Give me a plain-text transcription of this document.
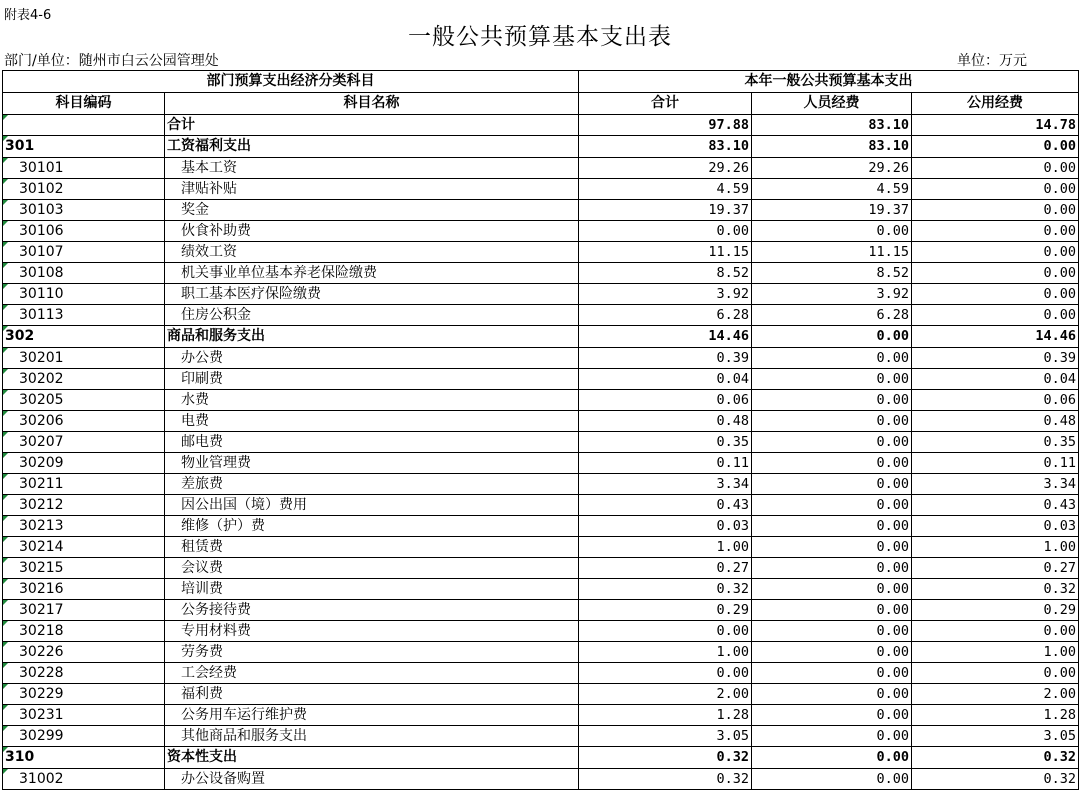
附表4-6
一般公共预算基本支出表
部门/单位：随州市白云公园管理处	单位：万元
部门预算支出经济分类科目		本年一般公共预算基本支出		
科目编码	科目名称	合计	人员经费	公用经费
	合计	97.88	83.10	14.78
301	工资福利支出	83.10	83.10	0.00
30101	基本工资	29.26	29.26	0.00
30102	津贴补贴	4.59	4.59	0.00
30103	奖金	19.37	19.37	0.00
30106	伙食补助费	0.00	0.00	0.00
30107	绩效工资	11.15	11.15	0.00
30108	机关事业单位基本养老保险缴费	8.52	8.52	0.00
30110	职工基本医疗保险缴费	3.92	3.92	0.00
30113	住房公积金	6.28	6.28	0.00
302	商品和服务支出	14.46	0.00	14.46
30201	办公费	0.39	0.00	0.39
30202	印刷费	0.04	0.00	0.04
30205	水费	0.06	0.00	0.06
30206	电费	0.48	0.00	0.48
30207	邮电费	0.35	0.00	0.35
30209	物业管理费	0.11	0.00	0.11
30211	差旅费	3.34	0.00	3.34
30212	因公出国（境）费用	0.43	0.00	0.43
30213	维修（护）费	0.03	0.00	0.03
30214	租赁费	1.00	0.00	1.00
30215	会议费	0.27	0.00	0.27
30216	培训费	0.32	0.00	0.32
30217	公务接待费	0.29	0.00	0.29
30218	专用材料费	0.00	0.00	0.00
30226	劳务费	1.00	0.00	1.00
30228	工会经费	0.00	0.00	0.00
30229	福利费	2.00	0.00	2.00
30231	公务用车运行维护费	1.28	0.00	1.28
30299	其他商品和服务支出	3.05	0.00	3.05
310	资本性支出	0.32	0.00	0.32
31002	办公设备购置	0.32	0.00	0.32
